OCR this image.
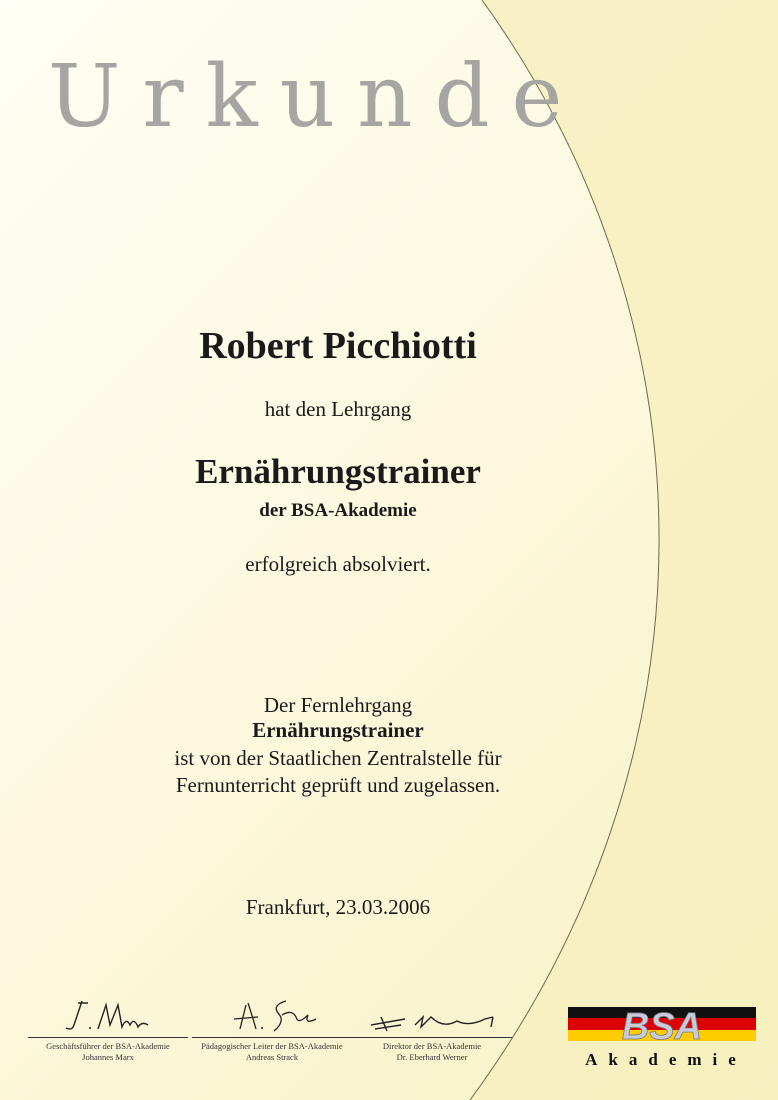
Urkunde
Robert Picchiotti
hat den Lehrgang
Ernährungstrainer
der BSA-Akademie
erfolgreich absolviert.
Der Fernlehrgang
Ernährungstrainer
ist von der Staatlichen Zentralstelle für
Fernunterricht geprüft und zugelassen.
Frankfurt, 23.03.2006
Geschäftsführer der BSA-Akademie
Johannes Marx
Pädagogischer Leiter der BSA-Akademie
Andreas Strack
Direktor der BSA-Akademie
Dr. Eberhard Werner
BSA
Akademie
